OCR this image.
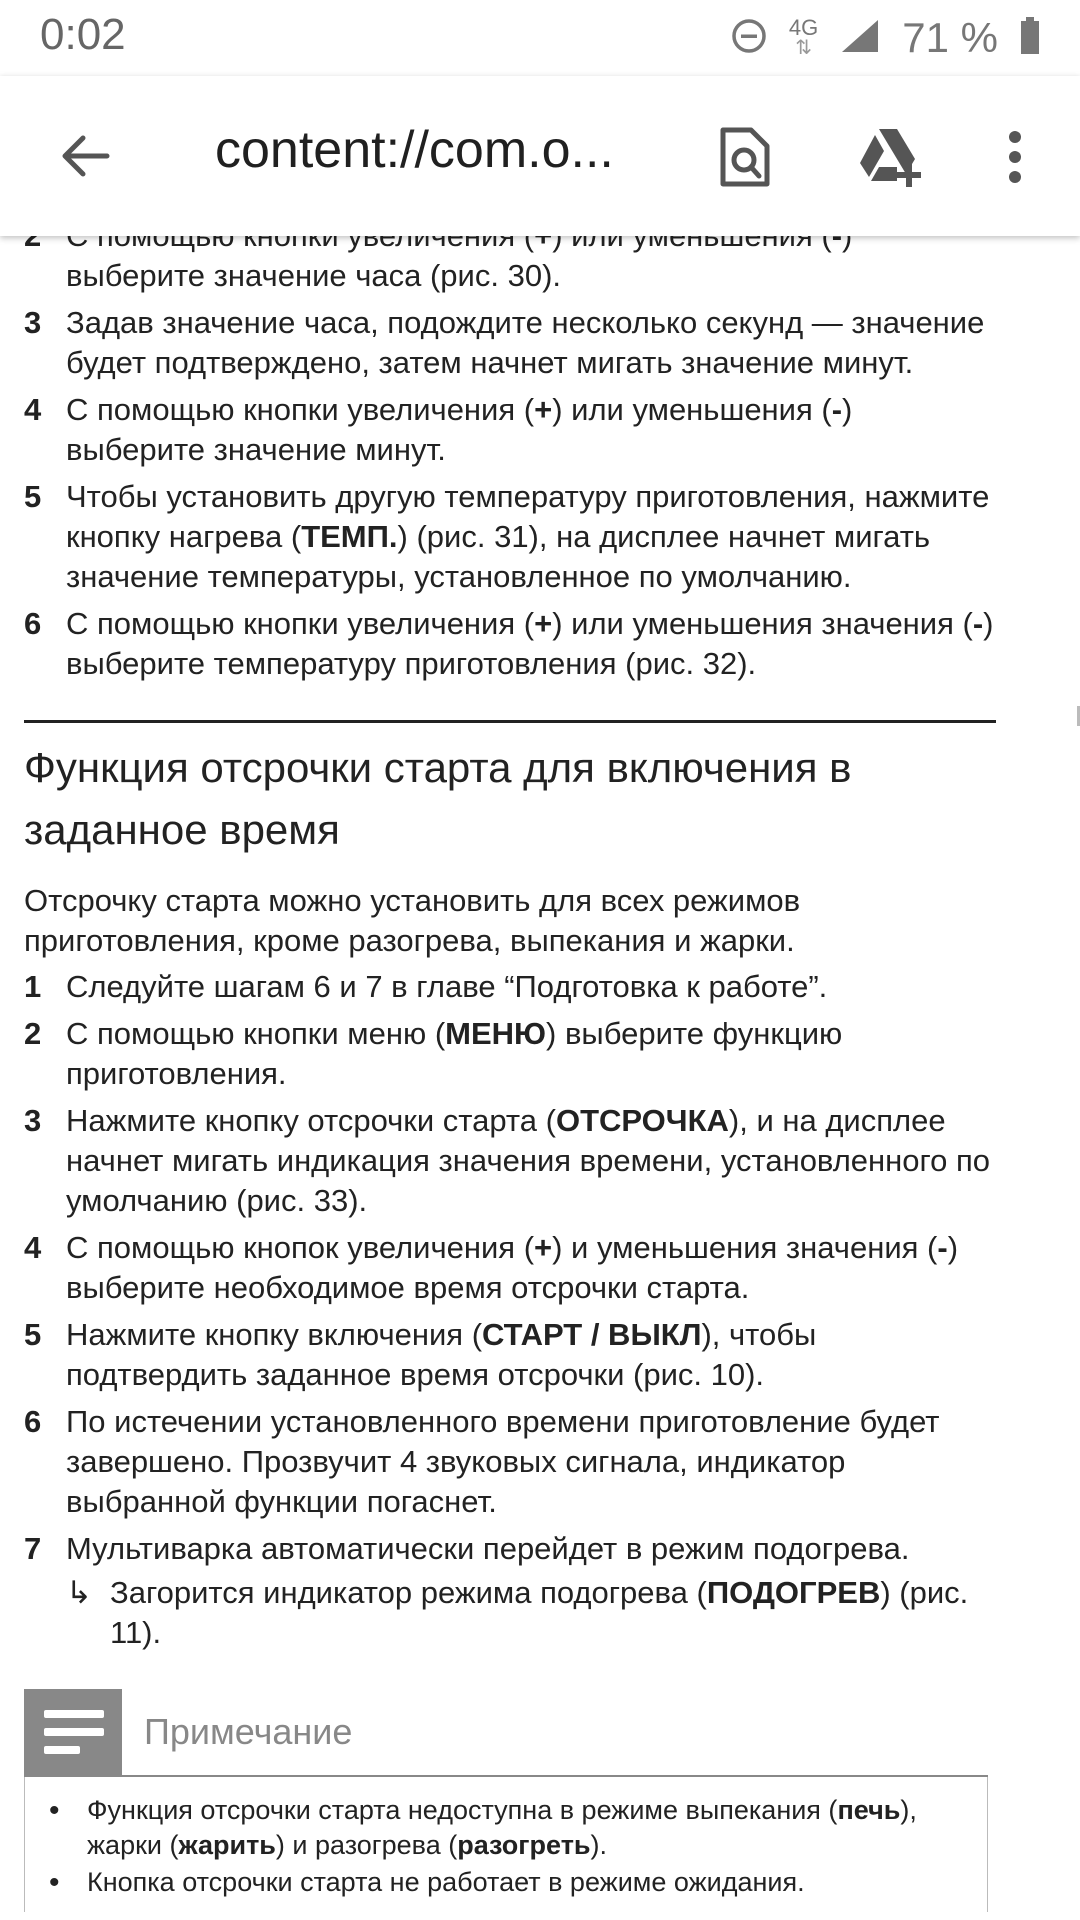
0:02	4G
⇅ 71 %
content://com.o...
выберите значение часа (рис. 30).
3 Задав значение часа, подождите несколько секунд — значение будет подтверждено, затем начнет мигать значение минут.
4 С помощью кнопки увеличения (+) или уменьшения (-) выберите значение минут.
5 Чтобы установить другую температуру приготовления, нажмите кнопку нагрева (ТЕМП.) (рис. 31), на дисплее начнет мигать значение температуры, установленное по умолчанию.
6 С помощью кнопки увеличения (+) или уменьшения значения (-) выберите температуру приготовления (рис. 32).
Функция отсрочки старта для включения в заданное время
Отсрочку старта можно установить для всех режимов приготовления, кроме разогрева, выпекания и жарки.
1 Следуйте шагам 6 и 7 в главе “Подготовка к работе”.
2 С помощью кнопки меню (МЕНЮ) выберите функцию приготовления.
3 Нажмите кнопку отсрочки старта (ОТСРОЧКА), и на дисплее начнет мигать индикация значения времени, установленного по умолчанию (рис. 33).
4 С помощью кнопок увеличения (+) и уменьшения значения (-) выберите необходимое время отсрочки старта.
5 Нажмите кнопку включения (СТАРТ / ВЫКЛ), чтобы подтвердить заданное время отсрочки (рис. 10).
6 По истечении установленного времени приготовление будет завершено. Прозвучит 4 звуковых сигнала, индикатор выбранной функции погаснет.
7 Мультиварка автоматически перейдет в режим подогрева.
↳ Загорится индикатор режима подогрева (ПОДОГРЕВ) (рис. 11).
Примечание
• Функция отсрочки старта недоступна в режиме выпекания (печь), жарки (жарить) и разогрева (разогреть).
• Кнопка отсрочки старта не работает в режиме ожидания.
